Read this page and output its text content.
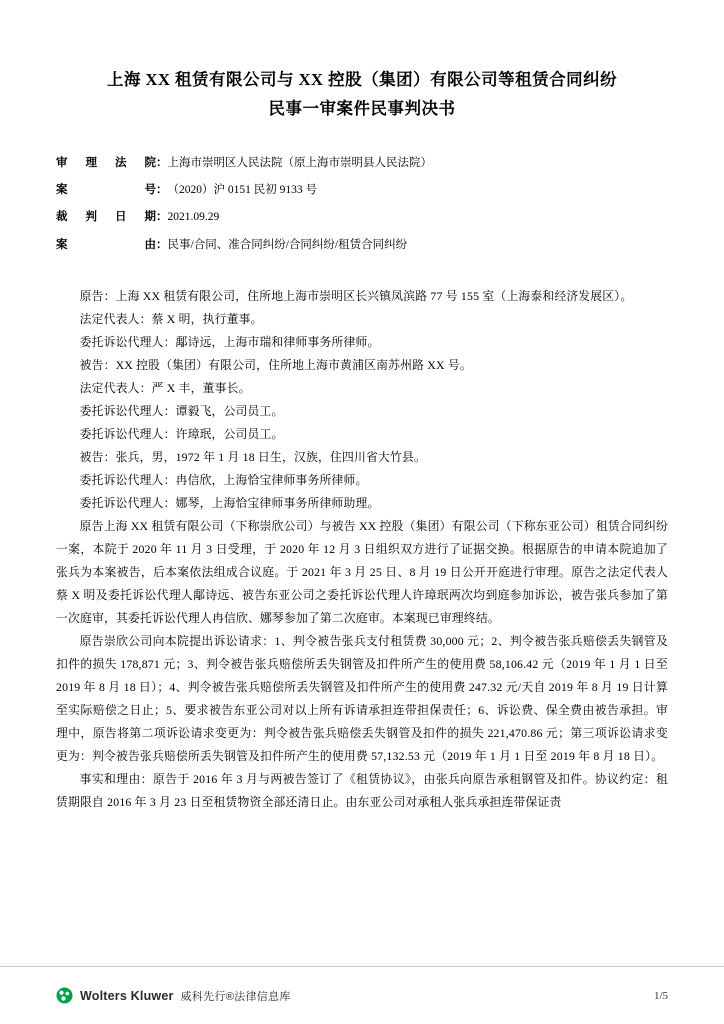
上海 XX 租赁有限公司与 XX 控股（集团）有限公司等租赁合同纠纷
民事一审案件民事判决书
审理法院：	上海市崇明区人民法院（原上海市崇明县人民法院）
案号：	（2020）沪 0151 民初 9133 号
裁判日期：	2021.09.29
案由：	民事/合同、准合同纠纷/合同纠纷/租赁合同纠纷

原告：上海 XX 租赁有限公司，住所地上海市崇明区长兴镇凤滨路 77 号 155 室（上海泰和经济发展区）。

法定代表人：蔡 X 明，执行董事。

委托诉讼代理人：鄅诗远，上海市瑞和律师事务所律师。

被告：XX 控股（集团）有限公司，住所地上海市黄浦区南苏州路 XX 号。

法定代表人：严 X 丰，董事长。

委托诉讼代理人：谭毅飞，公司员工。

委托诉讼代理人：许璋珉，公司员工。

被告：张兵，男，1972 年 1 月 18 日生，汉族，住四川省大竹县。

委托诉讼代理人：冉信欣，上海恰宝律师事务所律师。

委托诉讼代理人：娜琴，上海恰宝律师事务所律师助理。

原告上海 XX 租赁有限公司（下称崇欣公司）与被告 XX 控股（集团）有限公司（下称东亚公司）租赁合同纠纷一案，本院于 2020 年 11 月 3 日受理，于 2020 年 12 月 3 日组织双方进行了证据交换。根据原告的申请本院追加了张兵为本案被告，后本案依法组成合议庭。于 2021 年 3 月 25 日、8 月 19 日公开开庭进行审理。原告之法定代表人蔡 X 明及委托诉讼代理人鄅诗远、被告东亚公司之委托诉讼代理人许璋珉两次均到庭参加诉讼，被告张兵参加了第一次庭审，其委托诉讼代理人冉信欣、娜琴参加了第二次庭审。本案现已审理终结。

原告崇欣公司向本院提出诉讼请求：1、判令被告张兵支付租赁费 30,000 元；2、判令被告张兵赔偿丢失钢管及扣件的损失 178,871 元；3、判令被告张兵赔偿所丢失钢管及扣件所产生的使用费 58,106.42 元（2019 年 1 月 1 日至 2019 年 8 月 18 日）；4、判令被告张兵赔偿所丢失钢管及扣件所产生的使用费 247.32 元/天自 2019 年 8 月 19 日计算至实际赔偿之日止；5、要求被告东亚公司对以上所有诉请承担连带担保责任；6、诉讼费、保全费由被告承担。审理中，原告将第二项诉讼请求变更为：判令被告张兵赔偿丢失钢管及扣件的损失 221,470.86 元；第三项诉讼请求变更为：判令被告张兵赔偿所丢失钢管及扣件所产生的使用费 57,132.53 元（2019 年 1 月 1 日至 2019 年 8 月 18 日）。

事实和理由：原告于 2016 年 3 月与两被告签订了《租赁协议》，由张兵向原告承租钢管及扣件。协议约定：租赁期限自 2016 年 3 月 23 日至租赁物资全部还清日止。由东亚公司对承租人张兵承担连带保证责

Wolters Kluwer 威科先行®法律信息库	1/5
